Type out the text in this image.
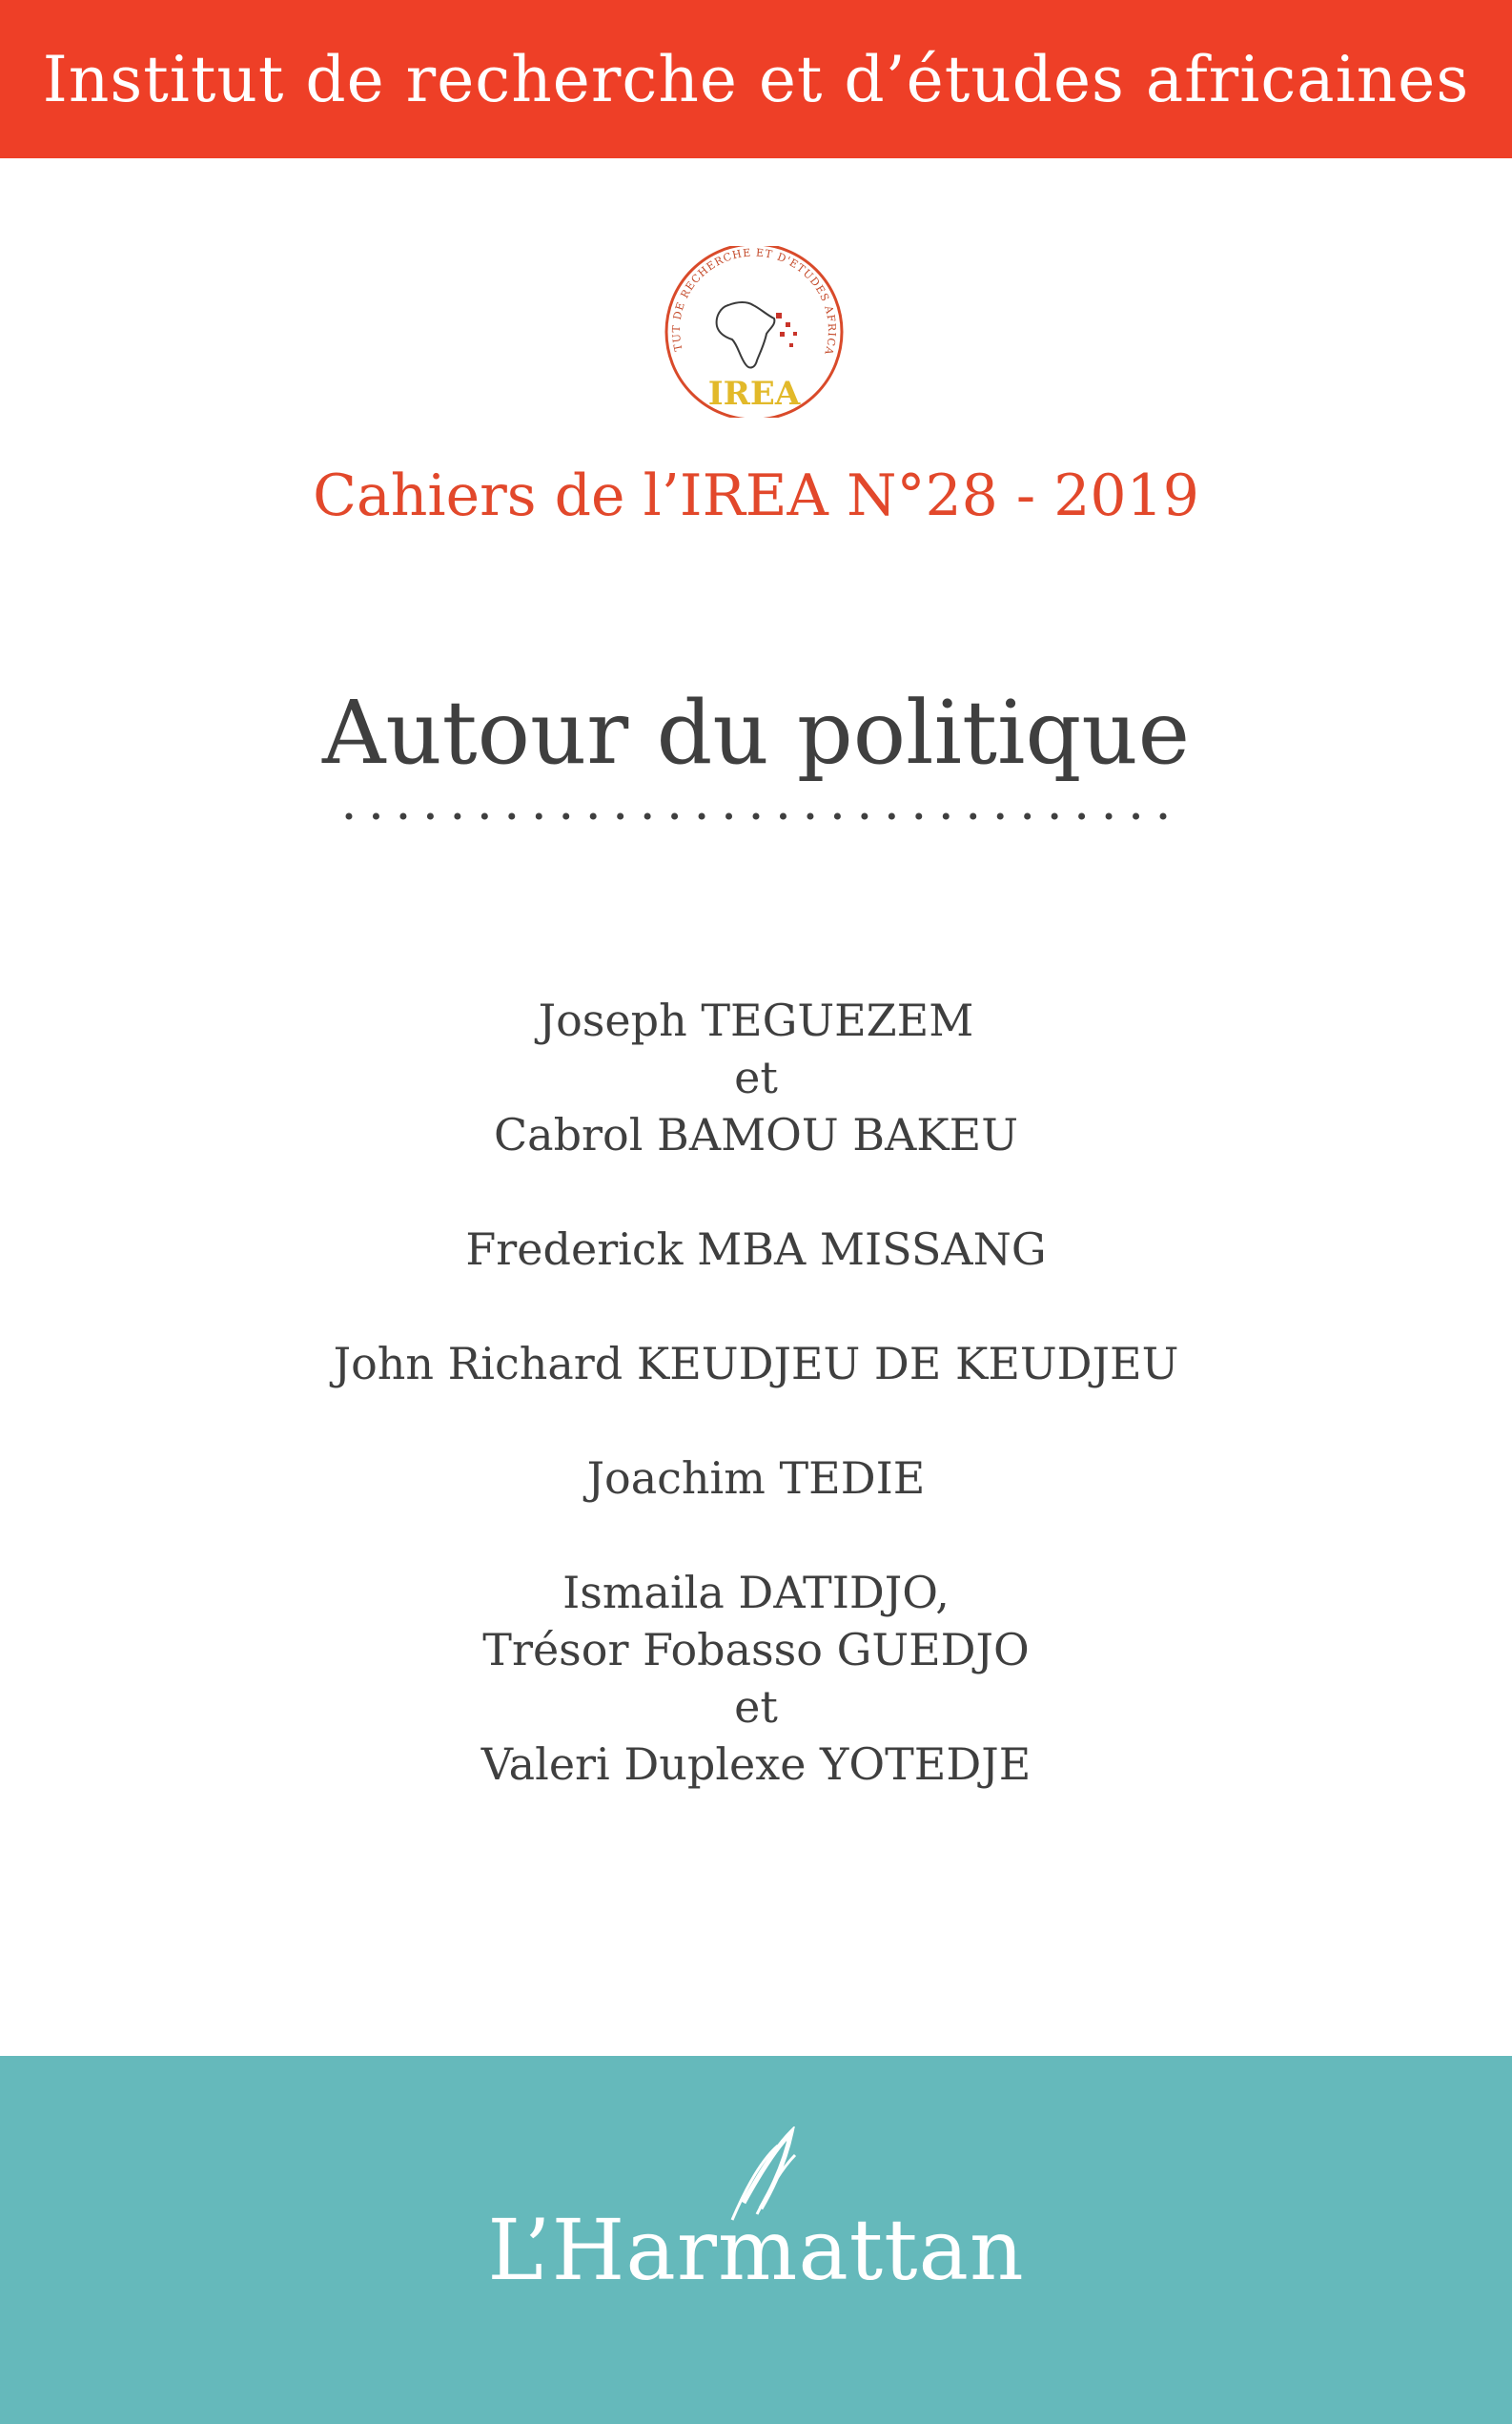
Institut de recherche et d’études africaines
TUT DE RECHERCHE ET D'ETUDES AFRICA
IREA
Cahiers de l’IREA N°28 - 2019
Autour du politique
Joseph TEGUEZEM
et
Cabrol BAMOU BAKEU
Frederick MBA MISSANG
John Richard KEUDJEU DE KEUDJEU
Joachim TEDIE
Ismaila DATIDJO,
Trésor Fobasso GUEDJO
et
Valeri Duplexe YOTEDJE
L’Harmattan
